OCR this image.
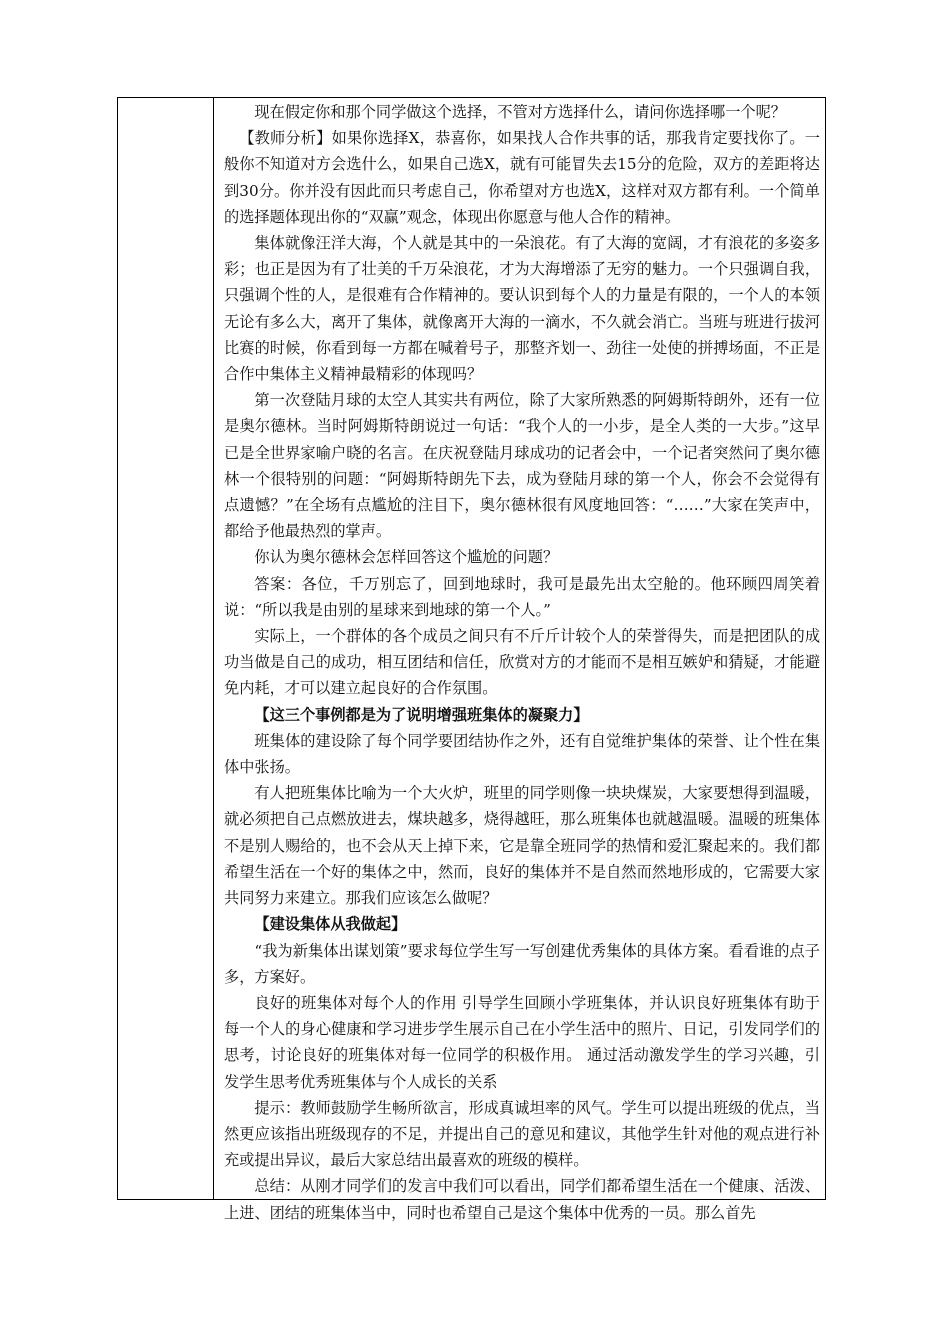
现在假定你和那个同学做这个选择，不管对方选择什么，请问你选择哪一个呢？

【教师分析】如果你选择X，恭喜你，如果找人合作共事的话，那我肯定要找你了。一般你不知道对方会选什么，如果自己选X，就有可能冒失去15分的危险，双方的差距将达到30分。你并没有因此而只考虑自己，你希望对方也选X，这样对双方都有利。一个简单的选择题体现出你的“双赢”观念，体现出你愿意与他人合作的精神。

集体就像汪洋大海，个人就是其中的一朵浪花。有了大海的宽阔，才有浪花的多姿多彩；也正是因为有了壮美的千万朵浪花，才为大海增添了无穷的魅力。一个只强调自我，只强调个性的人，是很难有合作精神的。要认识到每个人的力量是有限的，一个人的本领无论有多么大，离开了集体，就像离开大海的一滴水，不久就会消亡。当班与班进行拔河比赛的时候，你看到每一方都在喊着号子，那整齐划一、劲往一处使的拼搏场面，不正是合作中集体主义精神最精彩的体现吗？

第一次登陆月球的太空人其实共有两位，除了大家所熟悉的阿姆斯特朗外，还有一位是奥尔德林。当时阿姆斯特朗说过一句话：“我个人的一小步，是全人类的一大步。”这早已是全世界家喻户晓的名言。在庆祝登陆月球成功的记者会中，一个记者突然问了奥尔德林一个很特别的问题：“阿姆斯特朗先下去，成为登陆月球的第一个人，你会不会觉得有点遗憾？”在全场有点尴尬的注目下，奥尔德林很有风度地回答：“……”大家在笑声中，都给予他最热烈的掌声。

你认为奥尔德林会怎样回答这个尴尬的问题？

答案：各位，千万别忘了，回到地球时，我可是最先出太空舱的。他环顾四周笑着说：“所以我是由别的星球来到地球的第一个人。”

实际上，一个群体的各个成员之间只有不斤斤计较个人的荣誉得失，而是把团队的成功当做是自己的成功，相互团结和信任，欣赏对方的才能而不是相互嫉妒和猜疑，才能避免内耗，才可以建立起良好的合作氛围。

【这三个事例都是为了说明增强班集体的凝聚力】

班集体的建设除了每个同学要团结协作之外，还有自觉维护集体的荣誉、让个性在集体中张扬。

有人把班集体比喻为一个大火炉，班里的同学则像一块块煤炭，大家要想得到温暖，就必须把自己点燃放进去，煤块越多，烧得越旺，那么班集体也就越温暖。温暖的班集体不是别人赐给的，也不会从天上掉下来，它是靠全班同学的热情和爱汇聚起来的。我们都希望生活在一个好的集体之中，然而，良好的集体并不是自然而然地形成的，它需要大家共同努力来建立。那我们应该怎么做呢？

【建设集体从我做起】

“我为新集体出谋划策”要求每位学生写一写创建优秀集体的具体方案。看看谁的点子多，方案好。

良好的班集体对每个人的作用 引导学生回顾小学班集体，并认识良好班集体有助于每一个人的身心健康和学习进步学生展示自己在小学生活中的照片、日记，引发同学们的思考，讨论良好的班集体对每一位同学的积极作用。 通过活动激发学生的学习兴趣，引发学生思考优秀班集体与个人成长的关系

提示：教师鼓励学生畅所欲言，形成真诚坦率的风气。学生可以提出班级的优点，当然更应该指出班级现存的不足，并提出自己的意见和建议，其他学生针对他的观点进行补充或提出异议，最后大家总结出最喜欢的班级的模样。

总结：从刚才同学们的发言中我们可以看出，同学们都希望生活在一个健康、活泼、上进、团结的班集体当中，同时也希望自己是这个集体中优秀的一员。那么首先
